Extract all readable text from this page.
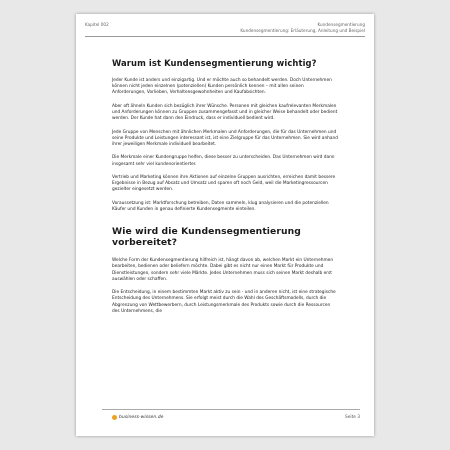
Kapitel 002	Kundensegmentierung
Kundensegmentierung: Erläuterung, Anleitung und Beispiel
Warum ist Kundensegmentierung wichtig?

Jeder Kunde ist anders und einzigartig. Und er möchte auch so behandelt werden. Doch Unternehmen können nicht jeden einzelnen (potenziellen) Kunden persönlich kennen – mit allen seinen Anforderungen, Vorlieben, Verhaltensgewohnheiten und Kaufabsichten.

Aber oft ähneln Kunden sich bezüglich ihrer Wünsche. Personen mit gleichen kaufrelevanten Merkmalen und Anforderungen können zu Gruppen zusammengefasst und in gleicher Weise behandelt oder bedient werden. Der Kunde hat dann den Eindruck, dass er individuell bedient wird.

Jede Gruppe von Menschen mit ähnlichen Merkmalen und Anforderungen, die für das Unternehmen und seine Produkte und Leistungen interessant ist, ist eine Zielgruppe für das Unternehmen. Sie wird anhand ihrer jeweiligen Merkmale individuell bearbeitet.

Die Merkmale einer Kundengruppe helfen, diese besser zu unterscheiden. Das Unternehmen wird dann insgesamt sehr viel kundenorientierter.

Vertrieb und Marketing können ihre Aktionen auf einzelne Gruppen ausrichten, erreichen damit bessere Ergebnisse in Bezug auf Absatz und Umsatz und sparen oft noch Geld, weil die Marketingressourcen gezielter eingesetzt werden.

Voraussetzung ist: Marktforschung betreiben, Daten sammeln, klug analysieren und die potenziellen Käufer und Kunden in genau definierte Kundensegmente einteilen.

Wie wird die Kundensegmentierung vorbereitet?

Welche Form der Kundensegmentierung hilfreich ist, hängt davon ab, welchen Markt ein Unternehmen bearbeiten, bedienen oder beliefern möchte. Dabei gibt es nicht nur einen Markt für Produkte und Dienstleistungen, sondern sehr viele Märkte. Jedes Unternehmen muss sich seinen Markt deshalb erst auswählen oder schaffen.

Die Entscheidung, in einem bestimmten Markt aktiv zu sein - und in anderen nicht, ist eine strategische Entscheidung des Unternehmens. Sie erfolgt meist durch die Wahl des Geschäftsmodells, durch die Abgrenzung von Wettbewerbern, durch Leistungsmerkmale des Produkts sowie durch die Ressourcen des Unternehmens, die

business-wissen.de	Seite 3
